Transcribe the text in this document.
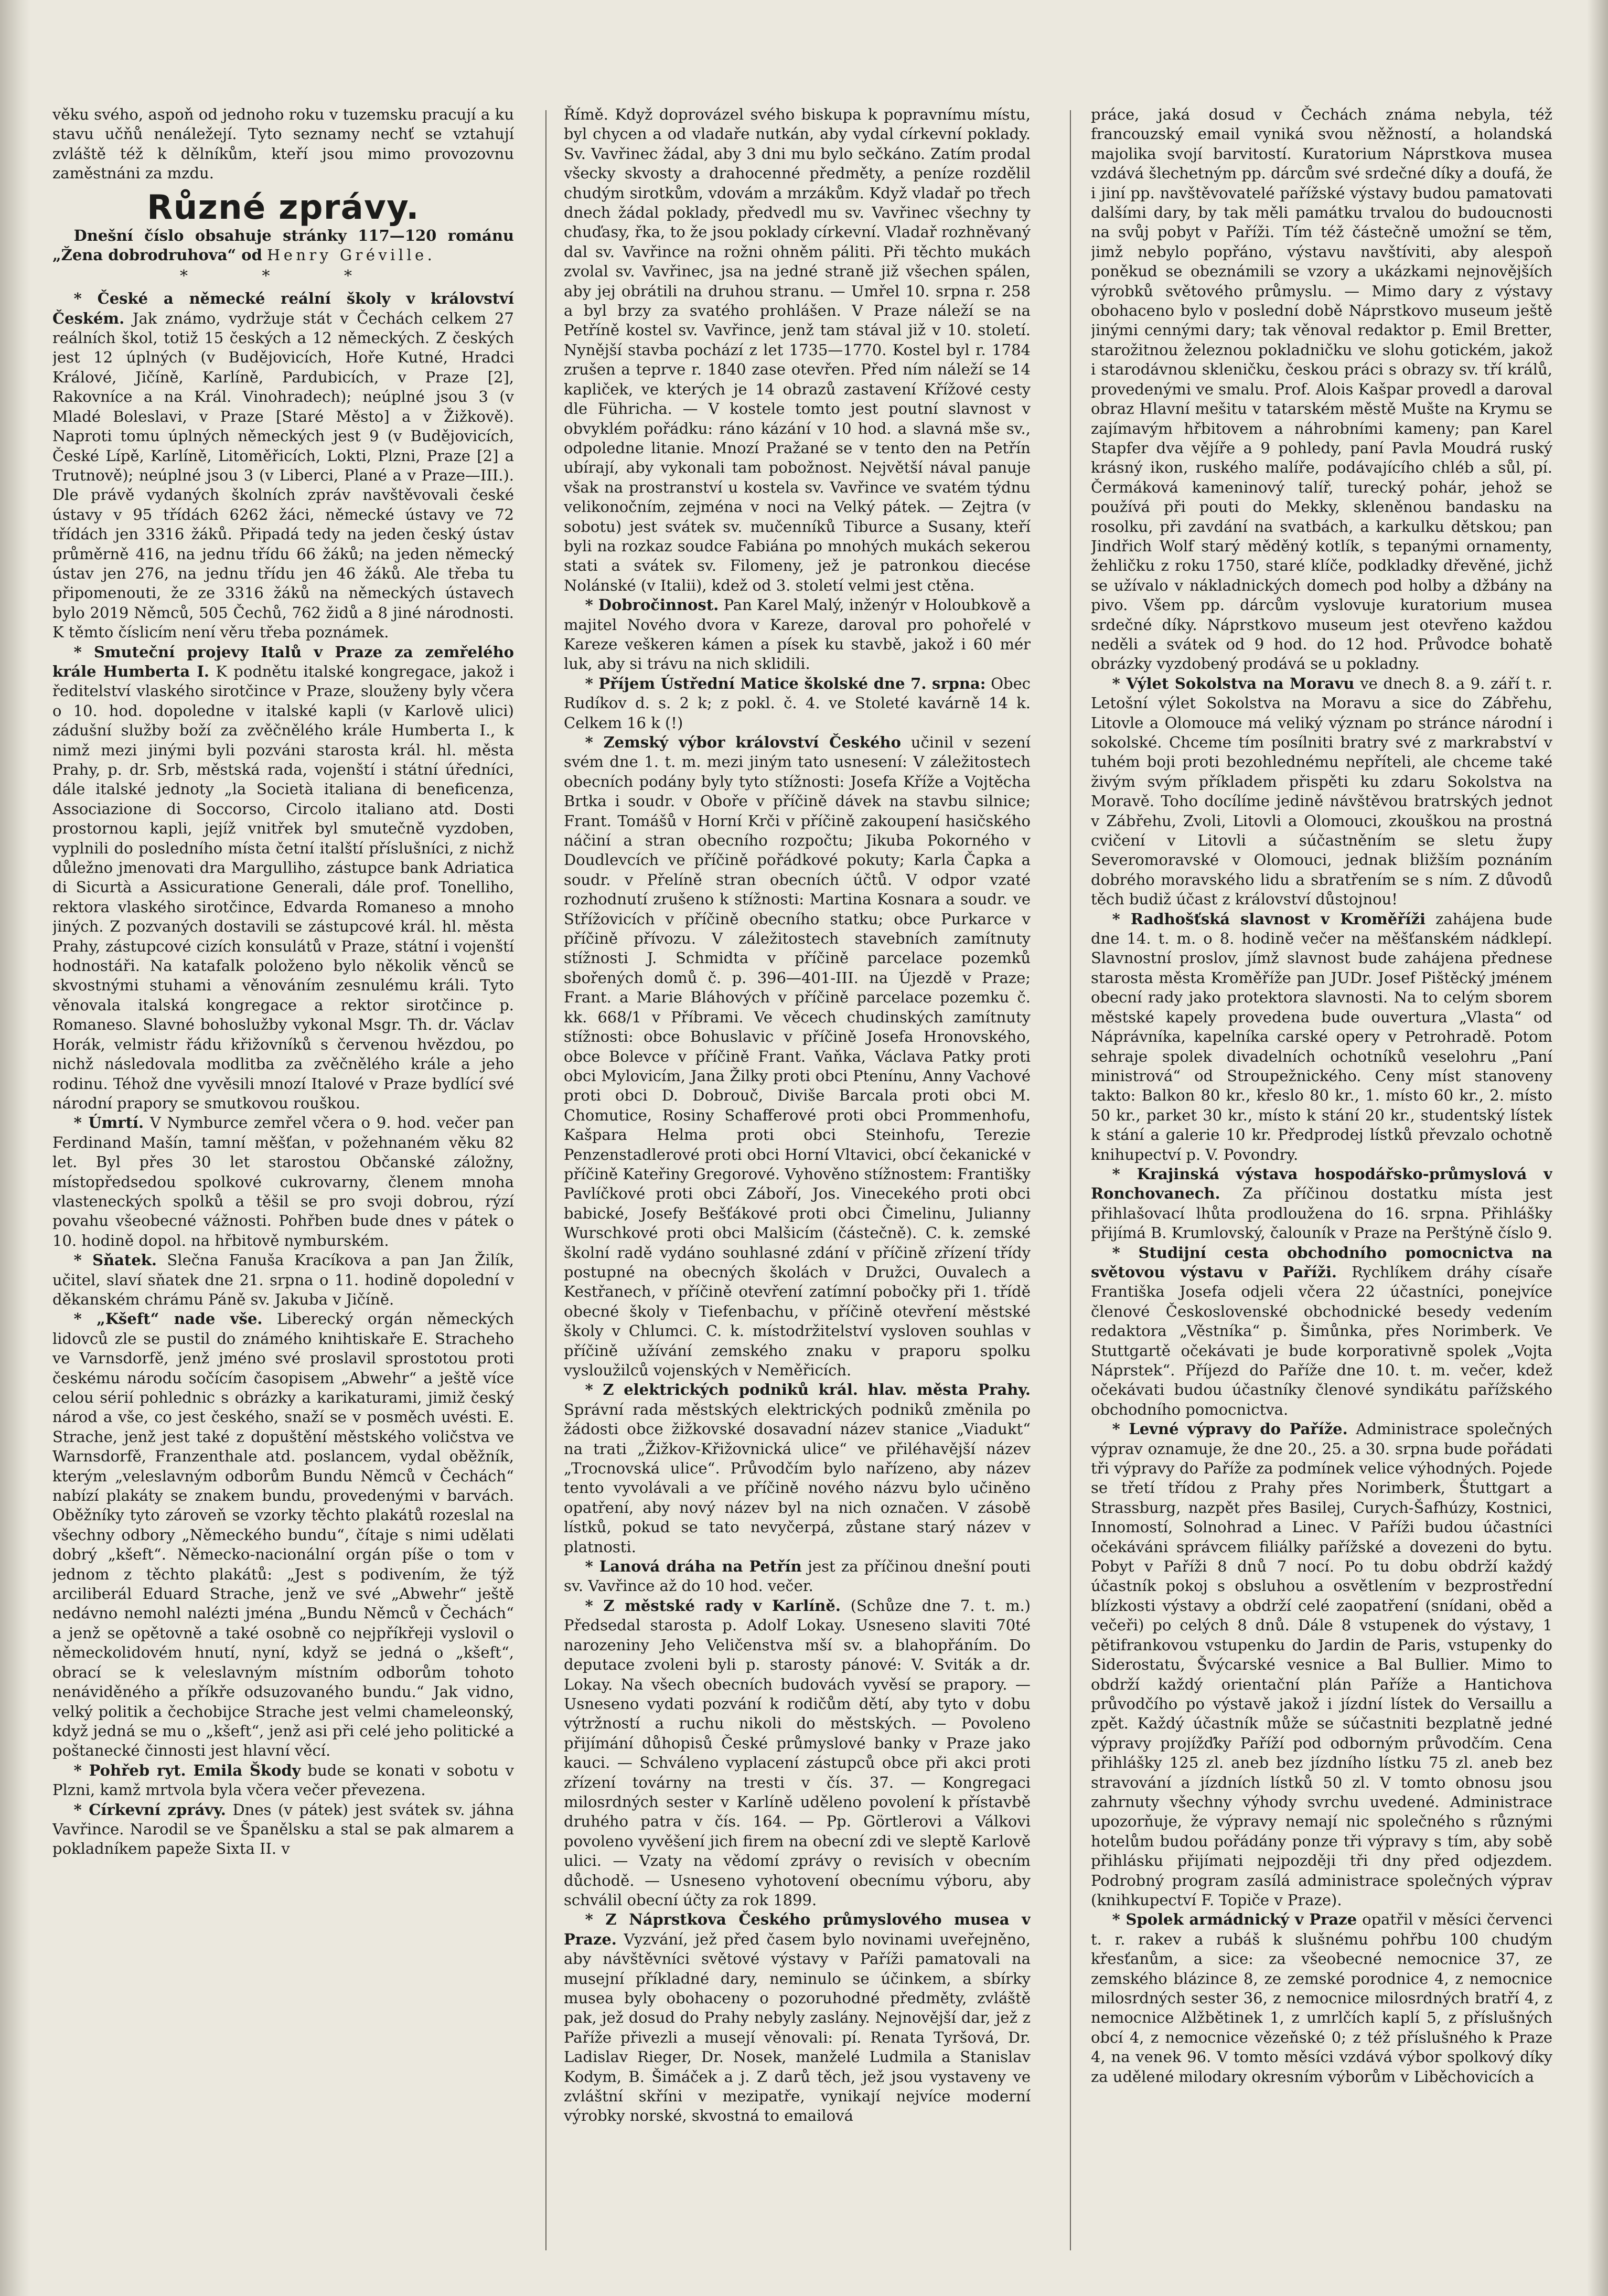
věku svého, aspoň od jednoho roku v tuzemsku pracují a ku stavu učňů nenáležejí. Tyto seznamy nechť se vztahují zvláště též k dělníkům, kteří jsou mimo provozovnu zaměstnáni za mzdu.

Různé zprávy.

Dnešní číslo obsahuje stránky 117—120 románu „Žena dobrodruhova“ od Henry Gréville.

* * *

* České a německé reální školy v království Českém. Jak známo, vydržuje stát v Čechách celkem 27 reálních škol, totiž 15 českých a 12 německých. Z českých jest 12 úplných (v Budějovicích, Hoře Kutné, Hradci Králové, Jičíně, Karlíně, Pardubicích, v Praze [2], Rakovníce a na Král. Vinohradech); neúplné jsou 3 (v Mladé Boleslavi, v Praze [Staré Město] a v Žižkově). Naproti tomu úplných německých jest 9 (v Budějovicích, České Lípě, Karlíně, Litoměřicích, Lokti, Plzni, Praze [2] a Trutnově); neúplné jsou 3 (v Liberci, Plané a v Praze—III.). Dle právě vydaných školních zpráv navštěvovali české ústavy v 95 třídách 6262 žáci, německé ústavy ve 72 třídách jen 3316 žáků. Připadá tedy na jeden český ústav průměrně 416, na jednu třídu 66 žáků; na jeden německý ústav jen 276, na jednu třídu jen 46 žáků. Ale třeba tu připomenouti, že ze 3316 žáků na německých ústavech bylo 2019 Němců, 505 Čechů, 762 židů a 8 jiné národnosti. K těmto číslicím není věru třeba poznámek.

* Smuteční projevy Italů v Praze za zemřelého krále Humberta I. K podnětu italské kongregace, jakož i ředitelství vlaského sirotčince v Praze, slouženy byly včera o 10. hod. dopoledne v italské kapli (v Karlově ulici) zádušní služby boží za zvěčnělého krále Humberta I., k nimž mezi jinými byli pozváni starosta král. hl. města Prahy, p. dr. Srb, městská rada, vojenští i státní úředníci, dále italské jednoty „la Società italiana di beneficenza, Associazione di Soccorso, Circolo italiano atd. Dosti prostornou kapli, jejíž vnitřek byl smutečně vyzdoben, vyplnili do posledního místa četní italští příslušníci, z nichž důležno jmenovati dra Margulliho, zástupce bank Adriatica di Sicurtà a Assicuratione Generali, dále prof. Tonelliho, rektora vlaského sirotčince, Edvarda Romaneso a mnoho jiných. Z pozvaných dostavili se zástupcové král. hl. města Prahy, zástupcové cizích konsulátů v Praze, státní i vojenští hodnostáři. Na katafalk položeno bylo několik věnců se skvostnými stuhami a věnováním zesnulému králi. Tyto věnovala italská kongregace a rektor sirotčince p. Romaneso. Slavné bohoslužby vykonal Msgr. Th. dr. Václav Horák, velmistr řádu křižovníků s červenou hvězdou, po nichž následovala modlitba za zvěčnělého krále a jeho rodinu. Téhož dne vyvěsili mnozí Italové v Praze bydlící své národní prapory se smutkovou rouškou.

* Úmrtí. V Nymburce zemřel včera o 9. hod. večer pan Ferdinand Mašín, tamní měšťan, v požehnaném věku 82 let. Byl přes 30 let starostou Občanské záložny, místopředsedou spolkové cukrovarny, členem mnoha vlasteneckých spolků a těšil se pro svoji dobrou, rýzí povahu všeobecné vážnosti. Pohřben bude dnes v pátek o 10. hodině dopol. na hřbitově nymburském.

* Sňatek. Slečna Fanuša Kracíkova a pan Jan Žilík, učitel, slaví sňatek dne 21. srpna o 11. hodině dopolední v děkanském chrámu Páně sv. Jakuba v Jičíně.

* „Kšeft“ nade vše. Liberecký orgán německých lidovců zle se pustil do známého knihtiskaře E. Stracheho ve Varnsdorfě, jenž jméno své proslavil sprostotou proti českému národu sočícím časopisem „Abwehr“ a ještě více celou sérií pohlednic s obrázky a karikaturami, jimiž český národ a vše, co jest českého, snaží se v posměch uvésti. E. Strache, jenž jest také z dopuštění městského voličstva ve Warnsdorfě, Franzenthale atd. poslancem, vydal oběžník, kterým „veleslavným odborům Bundu Němců v Čechách“ nabízí plakáty se znakem bundu, provedenými v barvách. Oběžníky tyto zároveň se vzorky těchto plakátů rozeslal na všechny odbory „Německého bundu“, čítaje s nimi udělati dobrý „kšeft“. Německo-nacionální orgán píše o tom v jednom z těchto plakátů: „Jest s podivením, že týž arciliberál Eduard Strache, jenž ve své „Abwehr“ ještě nedávno nemohl nalézti jména „Bundu Němců v Čechách“ a jenž se opětovně a také osobně co nejpříkřeji vyslovil o německolidovém hnutí, nyní, když se jedná o „kšeft“, obrací se k veleslavným místním odborům tohoto nenáviděného a příkře odsuzovaného bundu.“ Jak vidno, velký politik a čechobijce Strache jest velmi chameleonský, když jedná se mu o „kšeft“, jenž asi při celé jeho politické a poštanecké činnosti jest hlavní věcí.

* Pohřeb ryt. Emila Škody bude se konati v sobotu v Plzni, kamž mrtvola byla včera večer převezena.

* Církevní zprávy. Dnes (v pátek) jest svátek sv. jáhna Vavřince. Narodil se ve Španělsku a stal se pak almarem a pokladníkem papeže Sixta II. v

Římě. Když doprovázel svého biskupa k popravnímu místu, byl chycen a od vladaře nutkán, aby vydal církevní poklady. Sv. Vavřinec žádal, aby 3 dni mu bylo sečkáno. Zatím prodal všecky skvosty a drahocenné předměty, a peníze rozdělil chudým sirotkům, vdovám a mrzákům. Když vladař po třech dnech žádal poklady, předvedl mu sv. Vavřinec všechny ty chuďasy, řka, to že jsou poklady církevní. Vladař rozhněvaný dal sv. Vavřince na rožni ohněm páliti. Při těchto mukách zvolal sv. Vavřinec, jsa na jedné straně již všechen spálen, aby jej obrátili na druhou stranu. — Umřel 10. srpna r. 258 a byl brzy za svatého prohlášen. V Praze náleží se na Petříně kostel sv. Vavřince, jenž tam stával již v 10. století. Nynější stavba pochází z let 1735—1770. Kostel byl r. 1784 zrušen a teprve r. 1840 zase otevřen. Před ním náleží se 14 kapliček, ve kterých je 14 obrazů zastavení Křížové cesty dle Führicha. — V kostele tomto jest poutní slavnost v obvyklém pořádku: ráno kázání v 10 hod. a slavná mše sv., odpoledne litanie. Mnozí Pražané se v tento den na Petřín ubírají, aby vykonali tam pobožnost. Největší nával panuje však na prostranství u kostela sv. Vavřince ve svatém týdnu velikonočním, zejména v noci na Velký pátek. — Zejtra (v sobotu) jest svátek sv. mučenníků Tiburce a Susany, kteří byli na rozkaz soudce Fabiána po mnohých mukách sekerou stati a svátek sv. Filomeny, jež je patronkou diecése Nolánské (v Italii), kdež od 3. století velmi jest ctěna.

* Dobročinnost. Pan Karel Malý, inženýr v Holoubkově a majitel Nového dvora v Kareze, daroval pro pohořelé v Kareze veškeren kámen a písek ku stavbě, jakož i 60 mér luk, aby si trávu na nich sklidili.

* Příjem Ústřední Matice školské dne 7. srpna: Obec Rudíkov d. s. 2 k; z pokl. č. 4. ve Stoleté kavárně 14 k. Celkem 16 k (!)

* Zemský výbor království Českého učinil v sezení svém dne 1. t. m. mezi jiným tato usnesení: V záležitostech obecních podány byly tyto stížnosti: Josefa Kříže a Vojtěcha Brtka i soudr. v Oboře v příčině dávek na stavbu silnice; Frant. Tomášů v Horní Krči v příčině zakoupení hasičského náčiní a stran obecního rozpočtu; Jikuba Pokorného v Doudlevcích ve příčině pořádkové pokuty; Karla Čapka a soudr. v Přelíně stran obecních účtů. V odpor vzaté rozhodnutí zrušeno k stížnosti: Martina Kosnara a soudr. ve Střížovicích v příčině obecního statku; obce Purkarce v příčině přívozu. V záležitostech stavebních zamítnuty stížnosti J. Schmidta v příčině parcelace pozemků sbořených domů č. p. 396—401-III. na Újezdě v Praze; Frant. a Marie Bláhových v příčině parcelace pozemku č. kk. 668/1 v Příbrami. Ve věcech chudinských zamítnuty stížnosti: obce Bohuslavic v příčině Josefa Hronovského, obce Bolevce v příčině Frant. Vaňka, Václava Patky proti obci Mylovicím, Jana Žilky proti obci Ptenínu, Anny Vachové proti obci D. Dobrouč, Diviše Barcala proti obci M. Chomutice, Rosiny Schafferové proti obci Prommenhofu, Kašpara Helma proti obci Steinhofu, Terezie Penzenstadlerové proti obci Horní Vltavici, obcí čekanické v příčině Kateřiny Gregorové. Vyhověno stížnostem: Františky Pavlíčkové proti obci Záboří, Jos. Vinecekého proti obci babické, Josefy Bešťákové proti obci Čimelinu, Julianny Wurschkové proti obci Malšicím (částečně). C. k. zemské školní radě vydáno souhlasné zdání v příčině zřízení třídy postupné na obecných školách v Družci, Ouvalech a Kestřanech, v příčině otevření zatímní pobočky při 1. třídě obecné školy v Tiefenbachu, v příčině otevření městské školy v Chlumci. C. k. místodržitelství vysloven souhlas v příčině užívání zemského znaku v praporu spolku vysloužilců vojenských v Neměřicích.

* Z elektrických podniků král. hlav. města Prahy. Správní rada městských elektrických podniků změnila po žádosti obce žižkovské dosavadní název stanice „Viadukt“ na trati „Žižkov-Křižovnická ulice“ ve přiléhavější název „Trocnovská ulice“. Průvodčím bylo nařízeno, aby název tento vyvolávali a ve příčině nového názvu bylo učiněno opatření, aby nový název byl na nich označen. V zásobě lístků, pokud se tato nevyčerpá, zůstane starý název v platnosti.

* Lanová dráha na Petřín jest za příčinou dnešní pouti sv. Vavřince až do 10 hod. večer.

* Z městské rady v Karlíně. (Schůze dne 7. t. m.) Předsedal starosta p. Adolf Lokay. Usneseno slaviti 70té narozeniny Jeho Veličenstva mší sv. a blahopřáním. Do deputace zvoleni byli p. starosty pánové: V. Sviták a dr. Lokay. Na všech obecních budovách vyvěsí se prapory. — Usneseno vydati pozvání k rodičům dětí, aby tyto v dobu výtržností a ruchu nikoli do městských. — Povoleno přijímání důhopisů České průmyslové banky v Praze jako kauci. — Schváleno vyplacení zástupců obce při akci proti zřízení továrny na tresti v čís. 37. — Kongregaci milosrdných sester v Karlíně uděleno povolení k přístavbě druhého patra v čís. 164. — Pp. Görtlerovi a Válkovi povoleno vyvěšení jich firem na obecní zdi ve sleptě Karlově ulici. — Vzaty na vědomí zprávy o revisích v obecním důchodě. — Usneseno vyhotovení obecnímu výboru, aby schválil obecní účty za rok 1899.

* Z Náprstkova Českého průmyslového musea v Praze. Vyzvání, jež před časem bylo novinami uveřejněno, aby návštěvníci světové výstavy v Paříži pamatovali na musejní příkladné dary, neminulo se účinkem, a sbírky musea byly obohaceny o pozoruhodné předměty, zvláště pak, jež dosud do Prahy nebyly zaslány. Nejnovější dar, jež z Paříže přivezli a musejí věnovali: pí. Renata Tyršová, Dr. Ladislav Rieger, Dr. Nosek, manželé Ludmila a Stanislav Kodym, B. Šimáček a j. Z darů těch, jež jsou vystaveny ve zvláštní skříni v mezipatře, vynikají nejvíce moderní výrobky norské, skvostná to emailová

práce, jaká dosud v Čechách známa nebyla, též francouzský email vyniká svou něžností, a holandská majolika svojí barvitostí. Kuratorium Náprstkova musea vzdává šlechetným pp. dárcům své srdečné díky a doufá, že i jiní pp. navštěvovatelé pařížské výstavy budou pamatovati dalšími dary, by tak měli památku trvalou do budoucnosti na svůj pobyt v Paříži. Tím též částečně umožní se těm, jimž nebylo popřáno, výstavu navštíviti, aby alespoň poněkud se obeznámili se vzory a ukázkami nejnovějších výrobků světového průmyslu. — Mimo dary z výstavy obohaceno bylo v poslední době Náprstkovo museum ještě jinými cennými dary; tak věnoval redaktor p. Emil Bretter, starožitnou železnou pokladničku ve slohu gotickém, jakož i starodávnou skleničku, českou práci s obrazy sv. tří králů, provedenými ve smalu. Prof. Alois Kašpar provedl a daroval obraz Hlavní mešitu v tatarském městě Mušte na Krymu se zajímavým hřbitovem a náhrobními kameny; pan Karel Stapfer dva vějíře a 9 pohledy, paní Pavla Moudrá ruský krásný ikon, ruského malíře, podávajícího chléb a sůl, pí. Čermáková kameninový talíř, turecký pohár, jehož se používá při pouti do Mekky, skleněnou bandasku na rosolku, při zavdání na svatbách, a karkulku dětskou; pan Jindřich Wolf starý měděný kotlík, s tepanými ornamenty, žehličku z roku 1750, staré klíče, podkladky dřevěné, jichž se užívalo v nákladnických domech pod holby a džbány na pivo. Všem pp. dárcům vyslovuje kuratorium musea srdečné díky. Náprstkovo museum jest otevřeno každou neděli a svátek od 9 hod. do 12 hod. Průvodce bohatě obrázky vyzdobený prodává se u pokladny.

* Výlet Sokolstva na Moravu ve dnech 8. a 9. září t. r. Letošní výlet Sokolstva na Moravu a sice do Zábřehu, Litovle a Olomouce má veliký význam po stránce národní i sokolské. Chceme tím posílniti bratry své z markrabství v tuhém boji proti bezohlednému nepříteli, ale chceme také živým svým příkladem přispěti ku zdaru Sokolstva na Moravě. Toho docílíme jedině návštěvou bratrských jednot v Zábřehu, Zvoli, Litovli a Olomouci, zkouškou na prostná cvičení v Litovli a súčastněním se sletu župy Severomoravské v Olomouci, jednak bližším poznáním dobrého moravského lidu a sbratřením se s ním. Z důvodů těch budiž účast z království důstojnou!

* Radhošťská slavnost v Kroměříži zahájena bude dne 14. t. m. o 8. hodině večer na měšťanském nádklepí. Slavnostní proslov, jímž slavnost bude zahájena přednese starosta města Kroměříže pan JUDr. Josef Pištěcký jménem obecní rady jako protektora slavnosti. Na to celým sborem městské kapely provedena bude ouvertura „Vlasta“ od Náprávníka, kapelníka carské opery v Petrohradě. Potom sehraje spolek divadelních ochotníků veselohru „Paní ministrová“ od Stroupežnického. Ceny míst stanoveny takto: Balkon 80 kr., křeslo 80 kr., 1. místo 60 kr., 2. místo 50 kr., parket 30 kr., místo k stání 20 kr., studentský lístek k stání a galerie 10 kr. Předprodej lístků převzalo ochotně knihupectví p. V. Povondry.

* Krajinská výstava hospodářsko-průmyslová v Ronchovanech. Za příčinou dostatku místa jest přihlašovací lhůta prodloužena do 16. srpna. Přihlášky přijímá B. Krumlovský, čalouník v Praze na Perštýně číslo 9.

* Studijní cesta obchodního pomocnictva na světovou výstavu v Paříži. Rychlíkem dráhy císaře Františka Josefa odjeli včera 22 účastníci, ponejvíce členové Československé obchodnické besedy vedením redaktora „Věstníka“ p. Šimůnka, přes Norimberk. Ve Stuttgartě očekávati je bude korporativně spolek „Vojta Náprstek“. Příjezd do Paříže dne 10. t. m. večer, kdež očekávati budou účastníky členové syndikátu pařížského obchodního pomocnictva.

* Levné výpravy do Paříže. Administrace společných výprav oznamuje, že dne 20., 25. a 30. srpna bude pořádati tři výpravy do Paříže za podmínek velice výhodných. Pojede se třetí třídou z Prahy přes Norimberk, Štuttgart a Strassburg, nazpět přes Basilej, Curych-Šafhúzy, Kostnici, Innomostí, Solnohrad a Linec. V Paříži budou účastníci očekáváni správcem filiálky pařížské a dovezeni do bytu. Pobyt v Paříži 8 dnů 7 nocí. Po tu dobu obdrží každý účastník pokoj s obsluhou a osvětlením v bezprostřední blízkosti výstavy a obdrží celé zaopatření (snídani, oběd a večeři) po celých 8 dnů. Dále 8 vstupenek do výstavy, 1 pětifrankovou vstupenku do Jardin de Paris, vstupenky do Siderostatu, Švýcarské vesnice a Bal Bullier. Mimo to obdrží každý orientační plán Paříže a Hantichova průvodčího po výstavě jakož i jízdní lístek do Versaillu a zpět. Každý účastník může se súčastniti bezplatně jedné výpravy projížďky Paříží pod odborným průvodčím. Cena přihlášky 125 zl. aneb bez jízdního lístku 75 zl. aneb bez stravování a jízdních lístků 50 zl. V tomto obnosu jsou zahrnuty všechny výhody svrchu uvedené. Administrace upozorňuje, že výpravy nemají nic společného s různými hotelům budou pořádány ponze tři výpravy s tím, aby sobě přihlásku přijímati nejpozději tři dny před odjezdem. Podrobný program zasílá administrace společných výprav (knihkupectví F. Topiče v Praze).

* Spolek armádnický v Praze opatřil v měsíci červenci t. r. rakev a rubáš k slušnému pohřbu 100 chudým křesťanům, a sice: za všeobecné nemocnice 37, ze zemského blázince 8, ze zemské porodnice 4, z nemocnice milosrdných sester 36, z nemocnice milosrdných bratří 4, z nemocnice Alžbětinek 1, z umrlčích kaplí 5, z příslušných obcí 4, z nemocnice vězeňské 0; z též příslušného k Praze 4, na venek 96. V tomto měsíci vzdává výbor spolkový díky za udělené milodary okresním výborům v Liběchovicích a
